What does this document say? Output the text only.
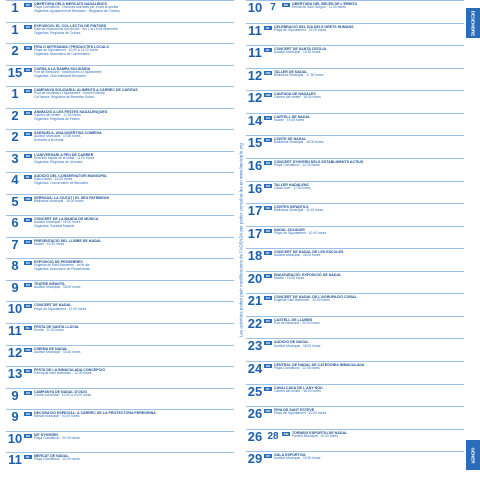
1	DV	OBERTURA DELS MERCATS NADALENCS
Plaça Constitució · Diverses activitats per a tota la família
Organitza: Ajuntament de Benicarló · Regidoria de Comerç
1	DV	EXPOSICIÓ: EL COL·LECTIU DE PINTORS
Sala de exposicions del Mucbe · del 1 al 15 de desembre
Organitza: Regidoria de Cultura
2	DS	FIRA D'ARTESANIA I PRODUCTES LOCALS
Plaça de l'Ajuntament · 10.00 a 14.00 hores
Organitza: Associació de Comerciants
15	DS	CURSA A LA RAMPA SOLIDÀRIA
Port de Benicarló · Inscripcions a l'Ajuntament
Organitza: Club Atletisme Benicarló
1	DV	CAMPANYA SOLIDÀRIA: ALIMENTS A CÀRREC DE CÀRITAS
Punt de recollida a l'Ajuntament · horari d'oficina
Col·labora: Regidoria de Benestar Social
2	DS	ANIMACIÓ A LES FESTES NADALENQUES
Carrers del centre · 17.00 hores
Organitza: Regidoria de Festes
2	DS	SARSUELA, UNA DIVERTIDA COMÈDIA
Auditori Municipal · 19.30 hores
Entrades a la venda
3	DG	L'ANIVERSARI A PEU DE CARRER
Diversos espais de la ciutat · 11.00 hores
Organitza: Regidoria de Joventut
4	DL	AUDICIÓ DEL CONSERVATORI MUNICIPAL
Sala d'actes · 18.30 hores
Organitza: Conservatori de Benicarló
5	DM	XERRADA: LA CIUTAT I EL SEU PATRIMONI
Biblioteca Municipal · 19.00 hores
6	DC	CONCERT DE LA BANDA DE MÚSICA
Auditori Municipal · 19.00 hores
Organitza: Societat Musical
7	DJ	PRESENTACIÓ DEL LLIBRE DE NADAL
Mucbe · 19.30 hores
8	DV	EXPOSICIÓ DE PESSEBRES
Església de Sant Bartomeu · tot el dia
Organitza: Associació de Pessebristes
9	DS	TEATRE INFANTIL
Auditori Municipal · 18.00 hores
10	DG	CONCERT DE NADAL
Plaça de l'Ajuntament · 12.00 hores
11	DL	FESTA DE SANTA LLÚCIA
Ermita · 11.00 hores
12	DM	CINEMA DE NADAL
Auditori Municipal · 18.30 hores
13	DC	FESTA DE LA INMACULADA CONCEPCIÓ
Parròquia Sant Bartomeu · 12.00 hores
9	DS	CAMPANYA DE NADAL D'OCIO
Centre comercial · 10.00 a 20.00 hores
9	DS	DECORACIÓ ESPECIAL: A CÀRREC DE LA PROTECTORA PEREGRINA
Mercat Municipal · 10.00 hores
10	DG	NIT D'HIVERN
Plaça Constitució · 20.00 hores
11	DL	MERCAT DE NADAL
Plaça Constitució · 10.00 hores
Les activitats poden patir modificacions de l'AGENDA per poder consultar-les en www.benicarlo.org
10 7	DG	OBERTURA DEL BELÉN DE L'ERMITA
Ermita de Sant Gregori · 11.00 hores
11	DL	CELEBRACIÓ DEL DIA DELS DRETS HUMANS
Plaça de l'Ajuntament · 12.00 hores
11	DL	CONCERT DE SANTA CECÍLIA
Auditori Municipal · 19.30 hores
12	DM	TALLER DE NADAL
Biblioteca Municipal · 17.30 hores
12	DM	CANTADA DE NADALES
Carrers del centre · 18.00 hores
14	DJ	CARTELL DE NADAL
Mucbe · 19.00 hores
15	DV	CONTE DE NADAL
Biblioteca Municipal · 18.00 hores
16	DS	CONCERT D'HIVERN DELS ESTABLIMENTS ACTIUS
Plaça Constitució · 12.00 hores
16	DS	TALLER NADALENC
Casal Jove · 17.00 hores
17	DG	CONTES INFANTILS
Biblioteca Municipal · 11.00 hores
17	DG	NADAL SOLIDARI
Plaça de l'Ajuntament · 10.00 hores
18	DL	CONCERT DE NADAL DE LES ESCOLES
Auditori Municipal · 18.00 hores
20	DC	INAUGURACIÓ: EXPOSICIÓ DE NADAL
Mucbe · 19.30 hores
21	DJ	CONCERT DE NADAL DE L'AGRUPACIÓ CORAL
Església Sant Bartomeu · 20.00 hores
22	DV	CASTELL DE LLUMES
Port de Benicarló · 20.00 hores
23	DS	AUDICIÓ DE NADAL
Auditori Municipal · 18.00 hores
24	DG	CENTRAL DE NADAL DE CATEGORIA IMMACULADA
Plaça Constitució · 12.00 hores
25	DL	CAVALCADA DE L'ANY NOU
Carrers del centre · 18.00 hores
26	DM	FIRA DE SANT ESTEVE
Plaça de l'Ajuntament · 10.00 hores
26 28	DM	TORNEIG ESPORTIU DE NADAL
Pavelló Municipal · 10.00 hores
29	DV	GALA ESPORTIVA
Auditori Municipal · 19.30 hores
DESEMBRE
GENER
